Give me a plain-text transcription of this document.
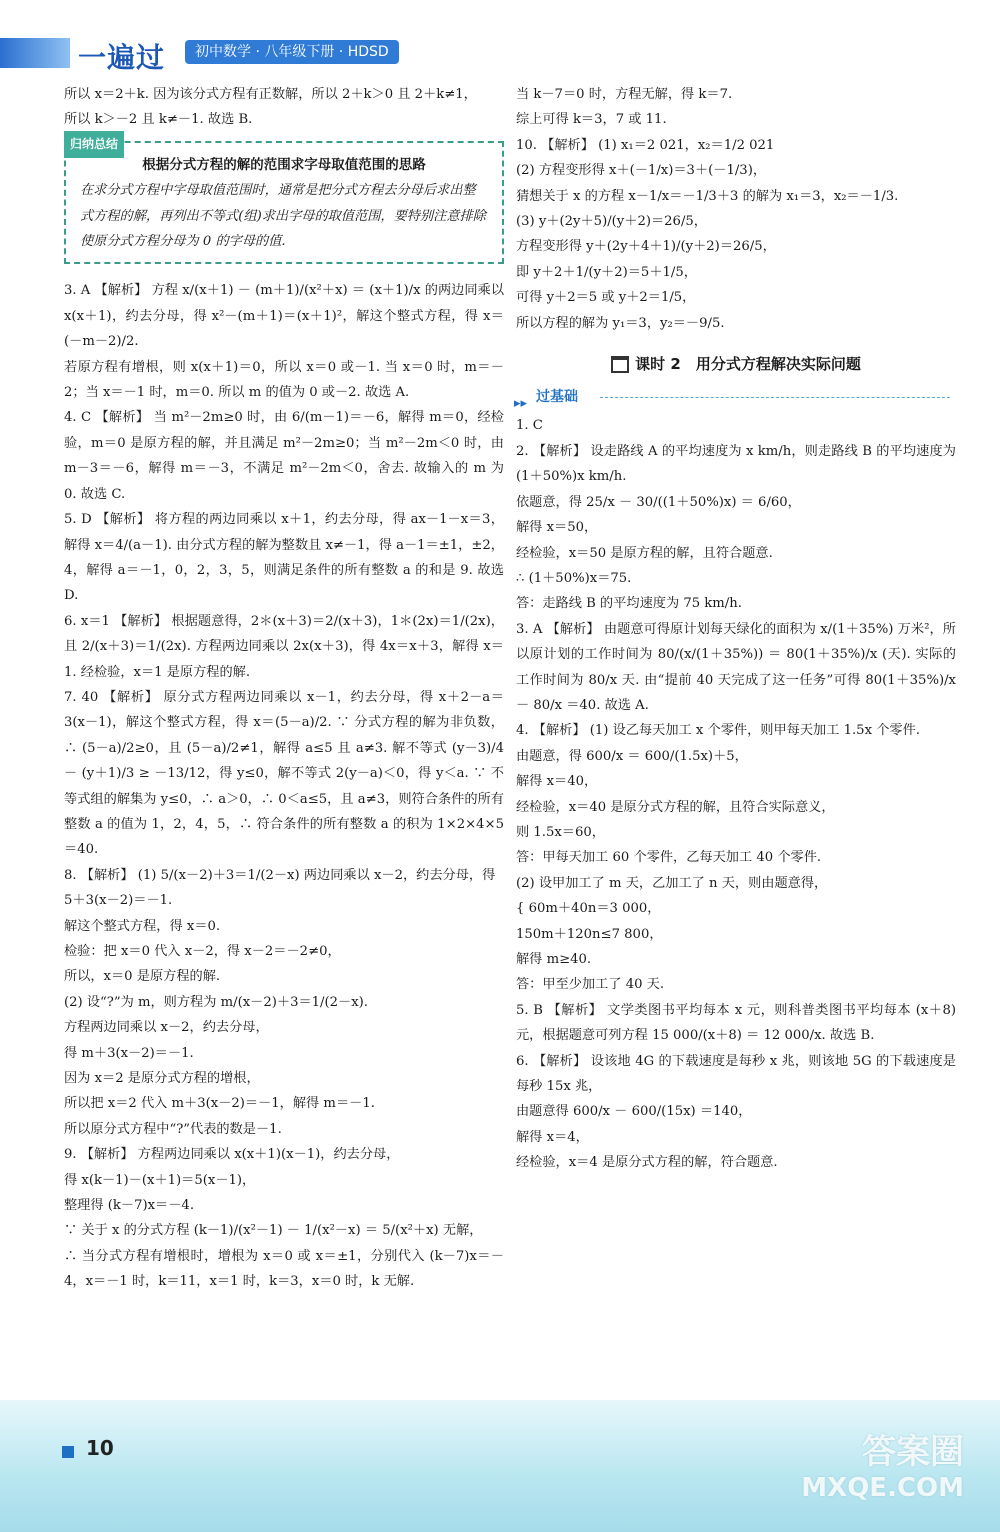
一遍过	初中数学 · 八年级下册 · HDSD

所以 x＝2＋k. 因为该分式方程有正数解，所以 2＋k＞0 且 2＋k≠1，

所以 k＞－2 且 k≠－1. 故选 B.

归纳总结
根据分式方程的解的范围求字母取值范围的思路
在求分式方程中字母取值范围时，通常是把分式方程去分母后求出整式方程的解，再列出不等式(组)求出字母的取值范围，要特别注意排除使原分式方程分母为 0 的字母的值.

3. A 【解析】 方程 x/(x＋1) － (m＋1)/(x²＋x) ＝ (x＋1)/x 的两边同乘以 x(x＋1)，约去分母，得 x²－(m＋1)＝(x＋1)²，解这个整式方程，得 x＝(－m－2)/2.

若原方程有增根，则 x(x＋1)＝0，所以 x＝0 或－1. 当 x＝0 时，m＝－2；当 x＝－1 时，m＝0. 所以 m 的值为 0 或－2. 故选 A.

4. C 【解析】 当 m²－2m≥0 时，由 6/(m－1)＝－6，解得 m＝0，经检验，m＝0 是原方程的解，并且满足 m²－2m≥0；当 m²－2m＜0 时，由 m－3＝－6，解得 m＝－3，不满足 m²－2m＜0，舍去. 故输入的 m 为 0. 故选 C.

5. D 【解析】 将方程的两边同乘以 x＋1，约去分母，得 ax－1－x＝3，解得 x＝4/(a－1). 由分式方程的解为整数且 x≠－1，得 a－1＝±1，±2，4，解得 a＝－1，0，2，3，5，则满足条件的所有整数 a 的和是 9. 故选 D.

6. x＝1 【解析】 根据题意得，2＊(x＋3)＝2/(x＋3)，1＊(2x)＝1/(2x)，且 2/(x＋3)＝1/(2x). 方程两边同乘以 2x(x＋3)，得 4x＝x＋3，解得 x＝1. 经检验，x＝1 是原方程的解.

7. 40 【解析】 原分式方程两边同乘以 x－1，约去分母，得 x＋2－a＝3(x－1)，解这个整式方程，得 x＝(5－a)/2. ∵ 分式方程的解为非负数，∴ (5－a)/2≥0，且 (5－a)/2≠1，解得 a≤5 且 a≠3. 解不等式 (y－3)/4 － (y＋1)/3 ≥ －13/12，得 y≤0，解不等式 2(y－a)＜0，得 y＜a. ∵ 不等式组的解集为 y≤0，∴ a＞0，∴ 0＜a≤5，且 a≠3，则符合条件的所有整数 a 的值为 1，2，4，5，∴ 符合条件的所有整数 a 的积为 1×2×4×5＝40.

8. 【解析】 (1) 5/(x－2)＋3＝1/(2－x) 两边同乘以 x－2，约去分母，得

5＋3(x－2)＝－1.

解这个整式方程，得 x＝0.

检验：把 x＝0 代入 x－2，得 x－2＝－2≠0，

所以，x＝0 是原方程的解.

(2) 设“?”为 m，则方程为 m/(x－2)＋3＝1/(2－x).

方程两边同乘以 x－2，约去分母，

得 m＋3(x－2)＝－1.

因为 x＝2 是原分式方程的增根，

所以把 x＝2 代入 m＋3(x－2)＝－1，解得 m＝－1.

所以原分式方程中“?”代表的数是－1.

9. 【解析】 方程两边同乘以 x(x＋1)(x－1)，约去分母，

得 x(k－1)－(x＋1)＝5(x－1)，

整理得 (k－7)x＝－4.

∵ 关于 x 的分式方程 (k－1)/(x²－1) － 1/(x²－x) ＝ 5/(x²＋x) 无解，

∴ 当分式方程有增根时，增根为 x＝0 或 x＝±1，分别代入 (k－7)x＝－4，x＝－1 时，k＝11，x＝1 时，k＝3，x＝0 时，k 无解.

当 k－7＝0 时，方程无解，得 k＝7.

综上可得 k＝3，7 或 11.

10. 【解析】 (1) x₁＝2 021，x₂＝1/2 021

(2) 方程变形得 x＋(－1/x)＝3＋(－1/3)，

猜想关于 x 的方程 x－1/x＝－1/3＋3 的解为 x₁＝3，x₂＝－1/3.

(3) y＋(2y＋5)/(y＋2)＝26/5，

方程变形得 y＋(2y＋4＋1)/(y＋2)＝26/5，

即 y＋2＋1/(y＋2)＝5＋1/5，

可得 y＋2＝5 或 y＋2＝1/5，

所以方程的解为 y₁＝3，y₂＝－9/5.

课时 2　用分式方程解决实际问题
▸▸ 过基础

1. C

2. 【解析】 设走路线 A 的平均速度为 x km/h，则走路线 B 的平均速度为 (1＋50%)x km/h.

依题意，得 25/x － 30/((1＋50%)x) ＝ 6/60，

解得 x＝50，

经检验，x＝50 是原方程的解，且符合题意.

∴ (1＋50%)x＝75.

答：走路线 B 的平均速度为 75 km/h.

3. A 【解析】 由题意可得原计划每天绿化的面积为 x/(1＋35%) 万米²，所以原计划的工作时间为 80/(x/(1＋35%)) ＝ 80(1＋35%)/x (天). 实际的工作时间为 80/x 天. 由“提前 40 天完成了这一任务”可得 80(1＋35%)/x － 80/x ＝40. 故选 A.

4. 【解析】 (1) 设乙每天加工 x 个零件，则甲每天加工 1.5x 个零件.

由题意，得 600/x ＝ 600/(1.5x)＋5，

解得 x＝40，

经检验，x＝40 是原分式方程的解，且符合实际意义，

则 1.5x＝60，

答：甲每天加工 60 个零件，乙每天加工 40 个零件.

(2) 设甲加工了 m 天，乙加工了 n 天，则由题意得，

{ 60m＋40n＝3 000，

150m＋120n≤7 800，

解得 m≥40.

答：甲至少加工了 40 天.

5. B 【解析】 文学类图书平均每本 x 元，则科普类图书平均每本 (x＋8) 元，根据题意可列方程 15 000/(x＋8) ＝ 12 000/x. 故选 B.

6. 【解析】 设该地 4G 的下载速度是每秒 x 兆，则该地 5G 的下载速度是每秒 15x 兆，

由题意得 600/x － 600/(15x) ＝140，

解得 x＝4，

经检验，x＝4 是原分式方程的解，符合题意.

10	答案圈
MXQE.COM
